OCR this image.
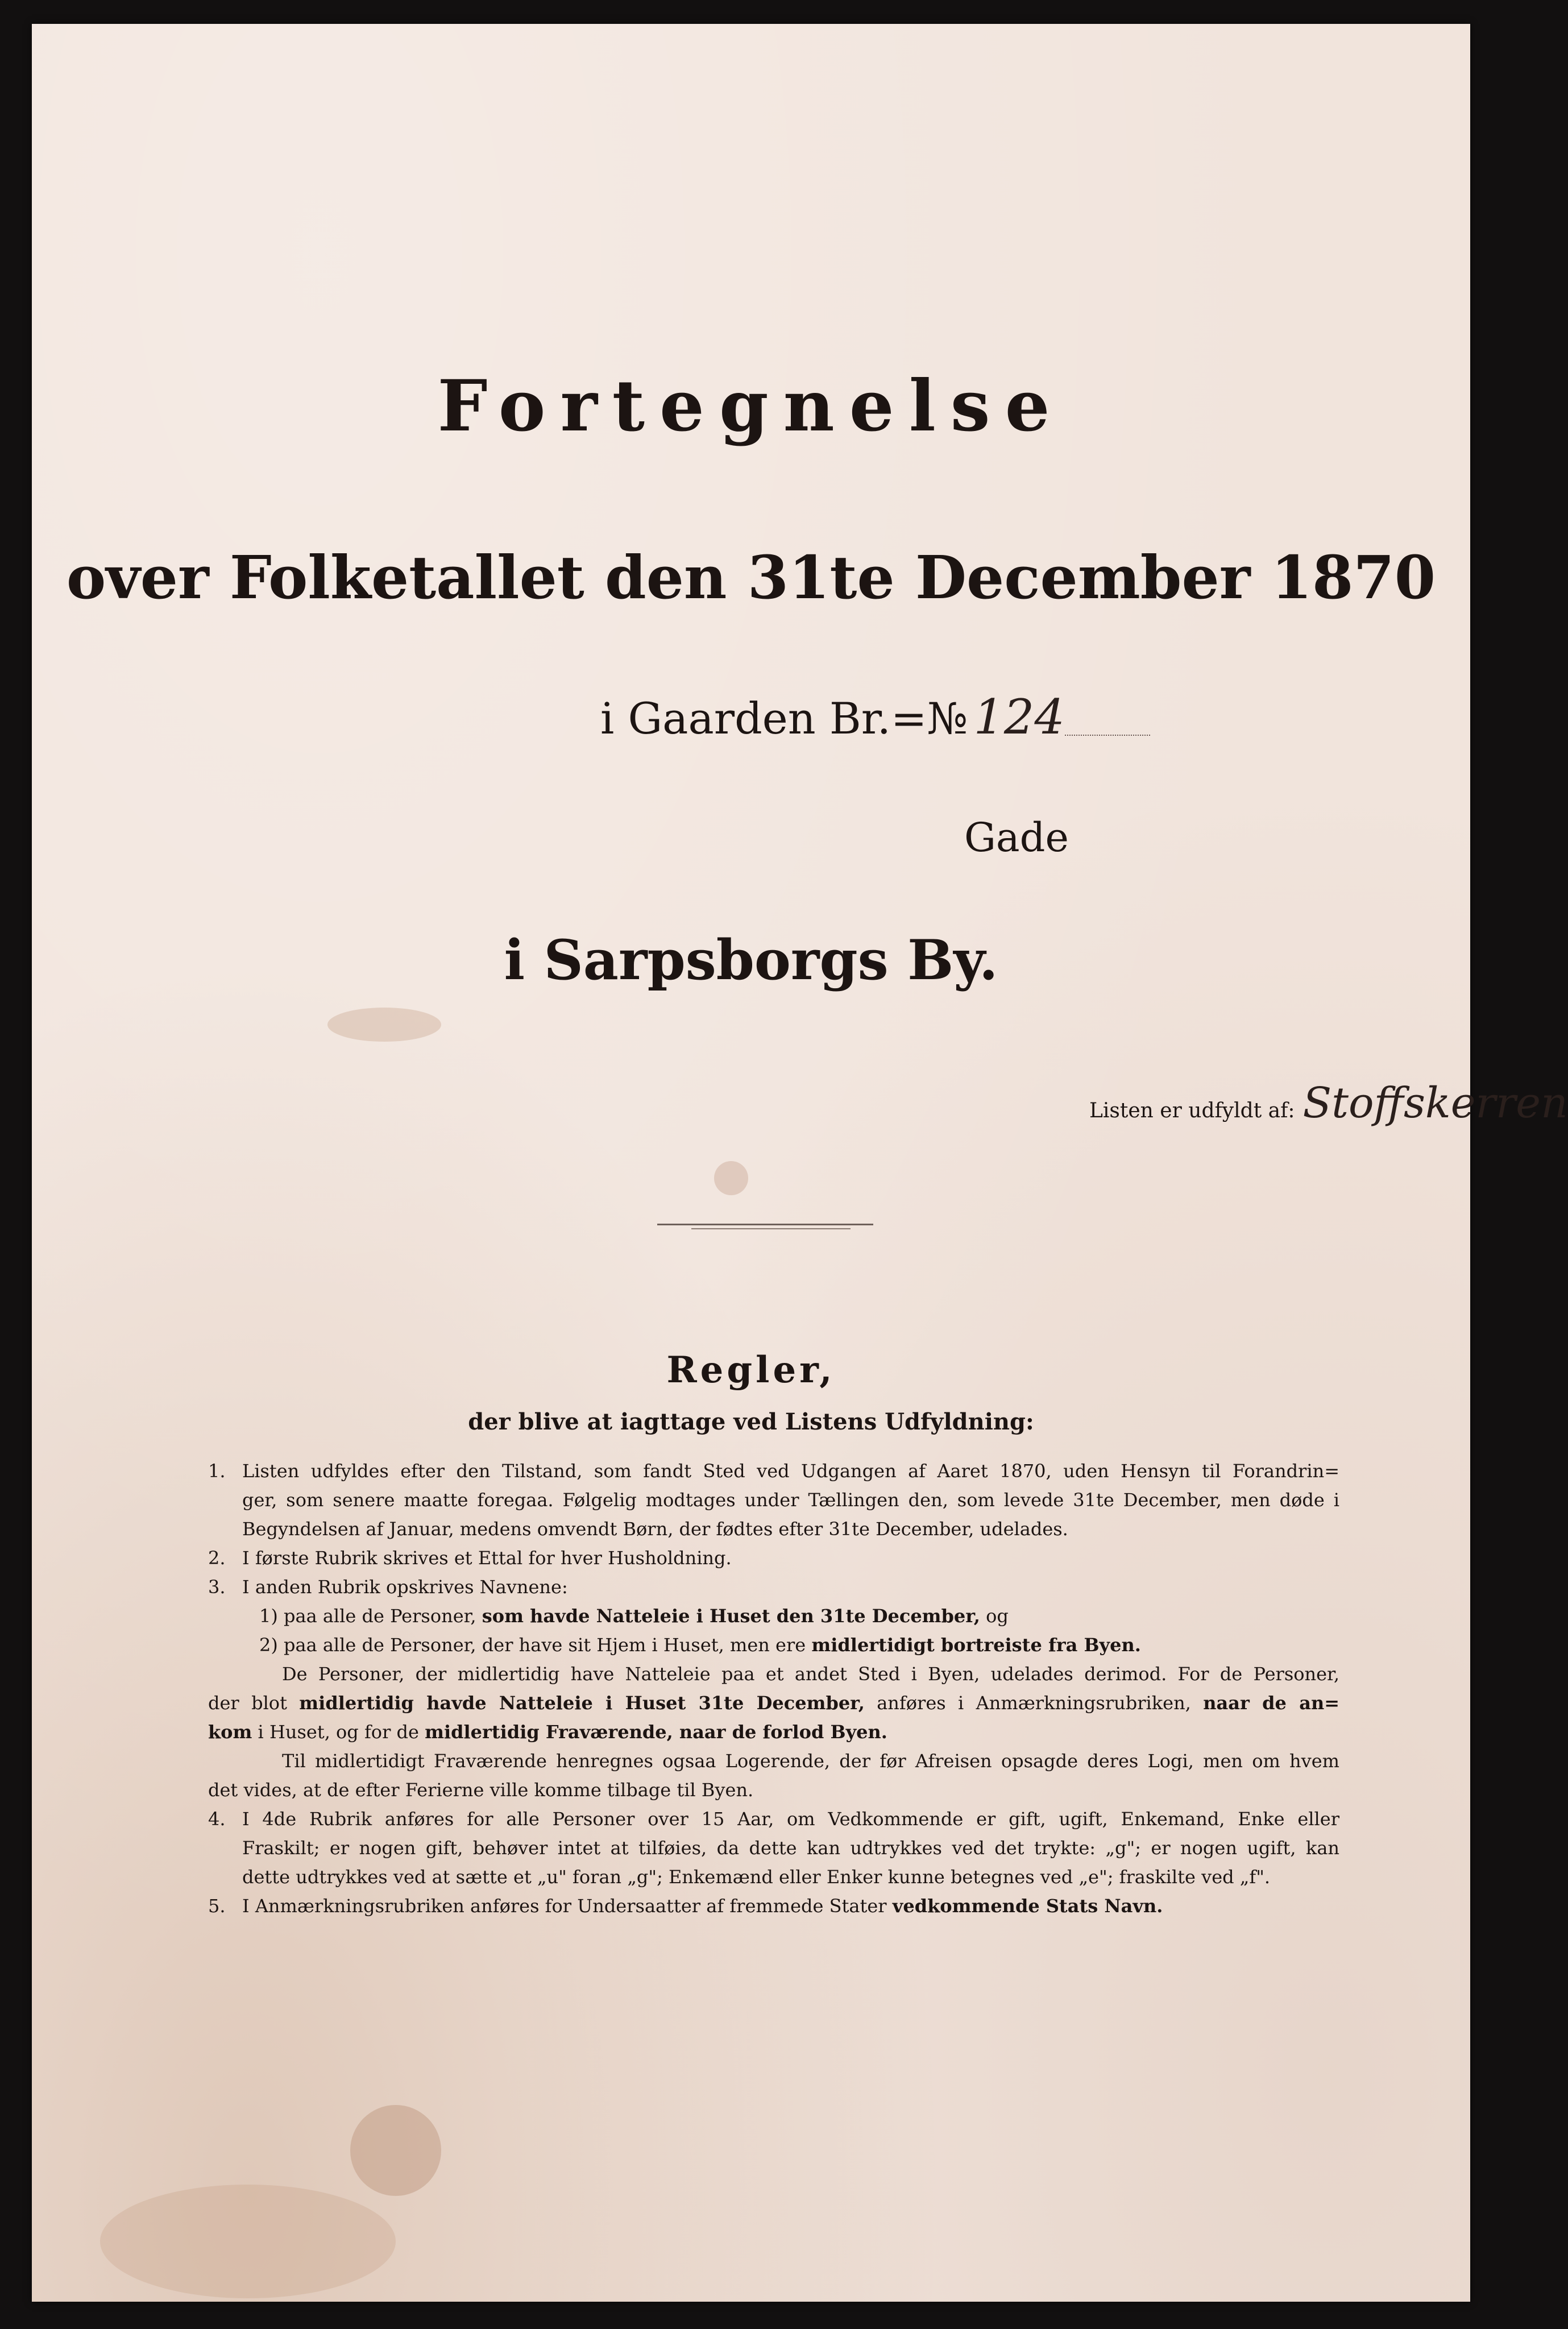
Fortegnelse
over Folketallet den 31te December 1870
i Gaarden Br.=№ 124
Gade
i Sarpsborgs By.
Listen er udfyldt af: Stoffskerren
Regler,
der blive at iagttage ved Listens Udfyldning:
1. Listen udfyldes efter den Tilstand, som fandt Sted ved Udgangen af Aaret 1870, uden Hensyn til Forandrin=
ger, som senere maatte foregaa. Følgelig modtages under Tællingen den, som levede 31te December, men døde i
Begyndelsen af Januar, medens omvendt Børn, der fødtes efter 31te December, udelades.
2. I første Rubrik skrives et Ettal for hver Husholdning.
3. I anden Rubrik opskrives Navnene:
1) paa alle de Personer, som havde Natteleie i Huset den 31te December, og
2) paa alle de Personer, der have sit Hjem i Huset, men ere midlertidigt bortreiste fra Byen.
De Personer, der midlertidig have Natteleie paa et andet Sted i Byen, udelades derimod. For de Personer,
der blot midlertidig havde Natteleie i Huset 31te December, anføres i Anmærkningsrubriken, naar de an=
kom i Huset, og for de midlertidig Fraværende, naar de forlod Byen.
Til midlertidigt Fraværende henregnes ogsaa Logerende, der før Afreisen opsagde deres Logi, men om hvem
det vides, at de efter Ferierne ville komme tilbage til Byen.
4. I 4de Rubrik anføres for alle Personer over 15 Aar, om Vedkommende er gift, ugift, Enkemand, Enke eller
Fraskilt; er nogen gift, behøver intet at tilføies, da dette kan udtrykkes ved det trykte: „g"; er nogen ugift, kan
dette udtrykkes ved at sætte et „u" foran „g"; Enkemænd eller Enker kunne betegnes ved „e"; fraskilte ved „f".
5. I Anmærkningsrubriken anføres for Undersaatter af fremmede Stater vedkommende Stats Navn.
